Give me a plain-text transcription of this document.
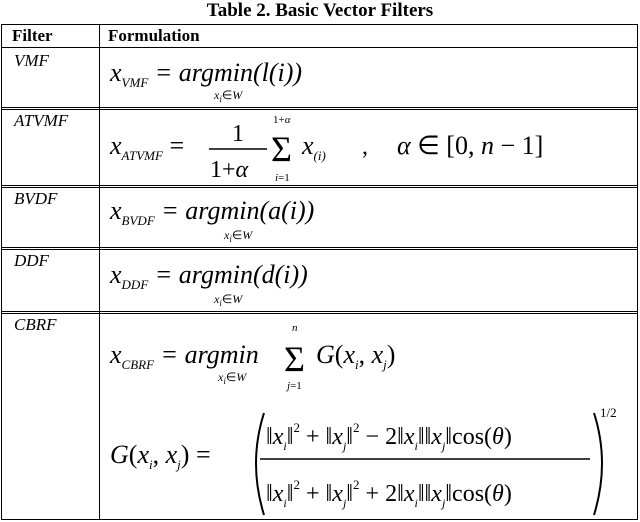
Table 2. Basic Vector Filters
Filter	Formulation
VMF $x_{VMF} = argmin(l(i))$
$x_i\in W$
ATVMF
$x_{ATVMF} = 1$
1+α
1+α
Σ
i=1
$x_{(i)}$ , α ∈ [0, n − 1]
BVDF $x_{BVDF} = argmin(a(i))$
$x_i\in W$
DDF $x_{DDF} = argmin(d(i))$
$x_i\in W$
CBRF
$x_{CBRF} = argmin$
$x_i\in W$
n
Σ
j=1
$G(x_i$, $x_j$)
$G(x_i$, $x_j$) =
1/2
$‖x_i‖^2$ + $‖x_j‖^2$ − $2‖x_i‖‖x_j‖\cos(\theta)$
$‖x_i‖^2$ + $‖x_j‖^2$ + $2‖x_i‖‖x_j‖\cos(\theta)$
